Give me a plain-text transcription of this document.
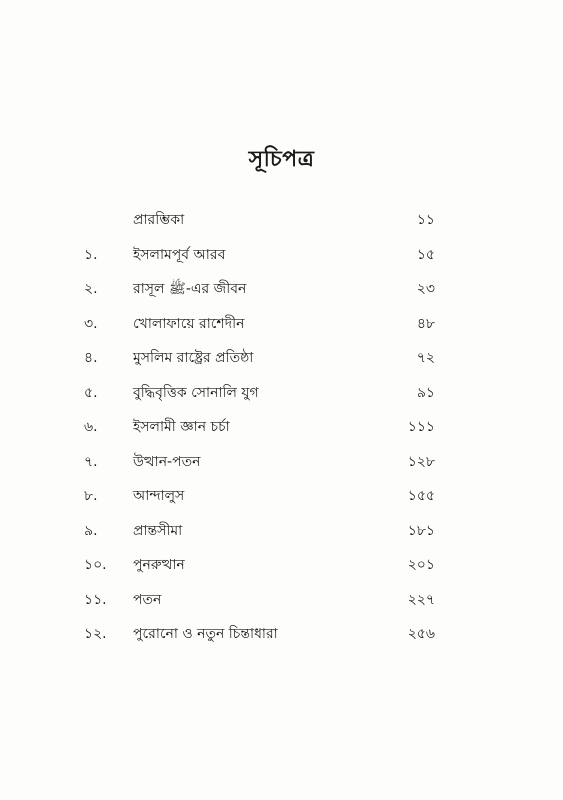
সূচিপত্র
প্রারম্ভিকা	১১
১.	ইসলামপূর্ব আরব	১৫
২.	রাসূল ﷺ-এর জীবন	২৩
৩.	খোলাফায়ে রাশেদীন	৪৮
৪.	মুসলিম রাষ্ট্রের প্রতিষ্ঠা	৭২
৫.	বুদ্ধিবৃত্তিক সোনালি যুগ	৯১
৬.	ইসলামী জ্ঞান চর্চা	১১১
৭.	উত্থান-পতন	১২৮
৮.	আন্দালুস	১৫৫
৯.	প্রান্তসীমা	১৮১
১০.	পুনরুত্থান	২০১
১১.	পতন	২২৭
১২.	পুরোনো ও নতুন চিন্তাধারা	২৫৬
